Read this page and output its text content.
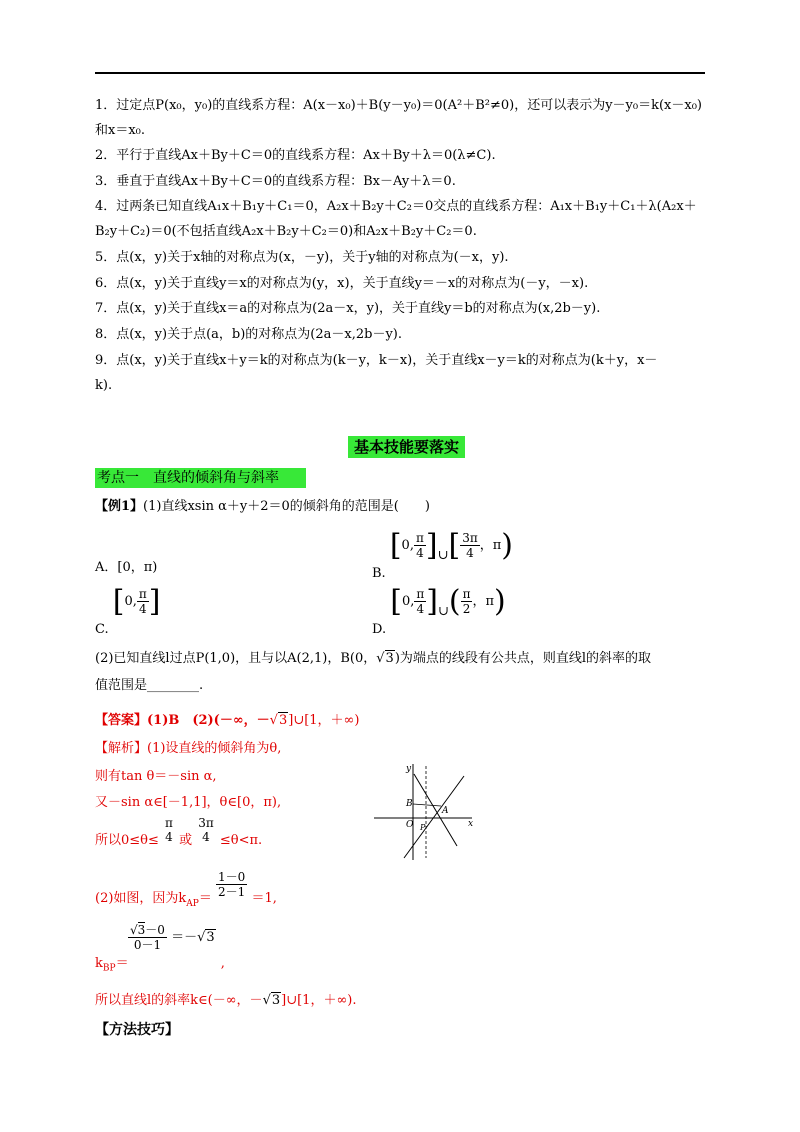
1．过定点P(x₀，y₀)的直线系方程：A(x－x₀)＋B(y－y₀)＝0(A²＋B²≠0)，还可以表示为y－y₀＝k(x－x₀)
和x＝x₀.
2．平行于直线Ax＋By＋C＝0的直线系方程：Ax＋By＋λ＝0(λ≠C).
3．垂直于直线Ax＋By＋C＝0的直线系方程：Bx－Ay＋λ＝0.
4．过两条已知直线A₁x＋B₁y＋C₁＝0，A₂x＋B₂y＋C₂＝0交点的直线系方程：A₁x＋B₁y＋C₁＋λ(A₂x＋
B₂y＋C₂)＝0(不包括直线A₂x＋B₂y＋C₂＝0)和A₂x＋B₂y＋C₂＝0.
5．点(x，y)关于x轴的对称点为(x，－y)，关于y轴的对称点为(－x，y).
6．点(x，y)关于直线y＝x的对称点为(y，x)，关于直线y＝－x的对称点为(－y，－x).
7．点(x，y)关于直线x＝a的对称点为(2a－x，y)，关于直线y＝b的对称点为(x,2b－y).
8．点(x，y)关于点(a，b)的对称点为(2a－x,2b－y).
9．点(x，y)关于直线x＋y＝k的对称点为(k－y，k－x)，关于直线x－y＝k的对称点为(k＋y，x－
k).
基本技能要落实
考点一　直线的倾斜角与斜率
【例1】(1)直线xsin α＋y＋2＝0的倾斜角的范围是(　　)
A．[0，π)	B. [0, $\frac{\pi}{4}$ ]∪[ $\frac{3\pi}{4}$ ，π)
C. [0, $\frac{\pi}{4}$ ]
D. [0, $\frac{\pi}{4}$ ]∪( $\frac{\pi}{2}$ ，π)
(2)已知直线l过点P(1,0)，且与以A(2,1)，B(0，√3)为端点的线段有公共点，则直线l的斜率的取
值范围是________.
【答案】(1)B　(2)(－∞，－√3]∪[1，＋∞)
【解析】(1)设直线的倾斜角为θ,
则有tan θ＝－sin α,
又－sin α∈[－1,1]，θ∈[0，π),
所以0≤θ≤
π
4 或
3π
4 ≤θ<π.
(2)如图，因为$k_{AP}= \frac{1-0}{2-1} =1$,
$\frac{√3-0}{0-1} =-√3$
$k_{BP}=$	,
所以直线l的斜率k∈(－∞，－√3]∪[1，＋∞).
【方法技巧】
y
x
B
A
O P
